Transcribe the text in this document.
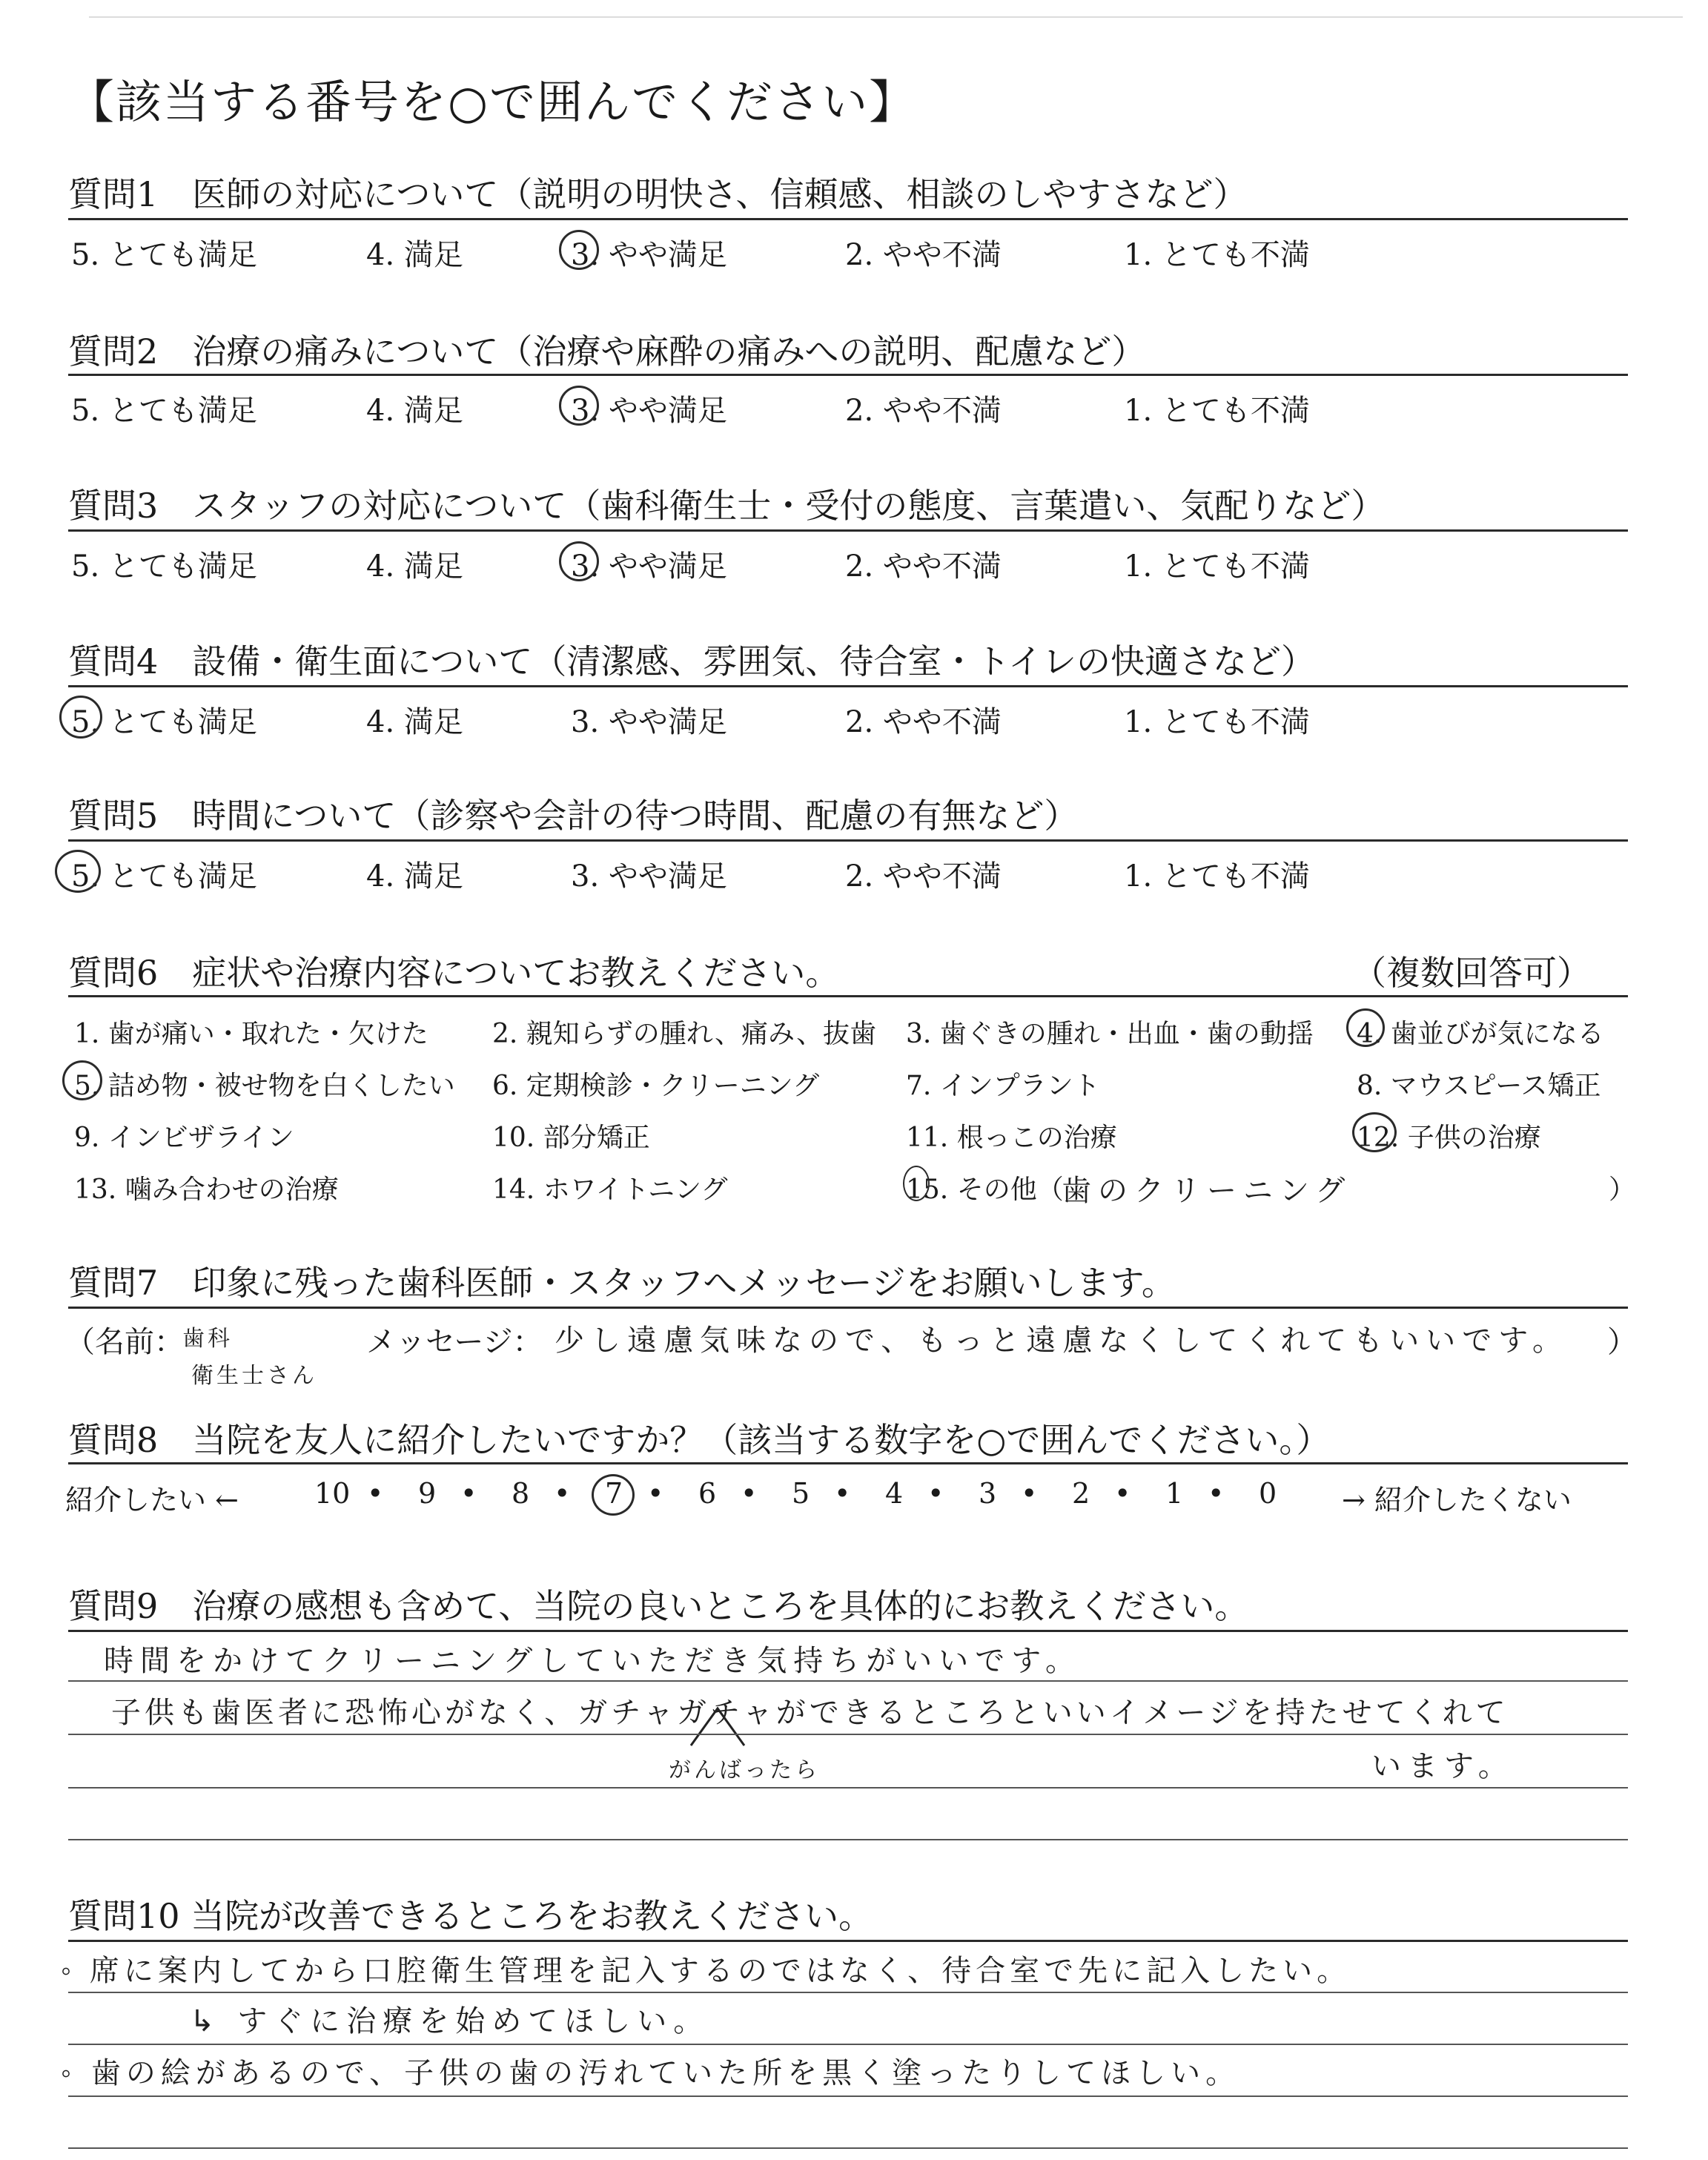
【該当する番号を○で囲んでください】
質問1　医師の対応について（説明の明快さ、信頼感、相談のしやすさなど）
5. とても満足	4. 満足	3. やや満足	2. やや不満	1. とても不満
質問2　治療の痛みについて（治療や麻酔の痛みへの説明、配慮など）
5. とても満足	4. 満足	3. やや満足	2. やや不満	1. とても不満
質問3　スタッフの対応について（歯科衛生士・受付の態度、言葉遣い、気配りなど）
5. とても満足	4. 満足	3. やや満足	2. やや不満	1. とても不満
質問4　設備・衛生面について（清潔感、雰囲気、待合室・トイレの快適さなど）
5. とても満足	4. 満足	3. やや満足	2. やや不満	1. とても不満
質問5　時間について（診察や会計の待つ時間、配慮の有無など）
5. とても満足	4. 満足	3. やや満足	2. やや不満	1. とても不満
質問6　症状や治療内容についてお教えください。	（複数回答可）
1. 歯が痛い・取れた・欠けた 2. 親知らずの腫れ、痛み、抜歯 3. 歯ぐきの腫れ・出血・歯の動揺 4. 歯並びが気になる
5. 詰め物・被せ物を白くしたい 6. 定期検診・クリーニング	7. インプラント	8. マウスピース矯正
9. インビザライン	10. 部分矯正	11. 根っこの治療	12. 子供の治療
13. 噛み合わせの治療	14. ホワイトニング	15. その他（
歯のクリーニング	）
質問7　印象に残った歯科医師・スタッフへメッセージをお願いします。
（名前：
歯科
衛生士さん
メッセージ： 少し遠慮気味なので、もっと遠慮なくしてくれてもいいです。 ）
質問8　当院を友人に紹介したいですか？（該当する数字を○で囲んでください。）
紹介したい ←	10 • 9 • 8 • 7 • 6 • 5 • 4 • 3 • 2 • 1 • 0 → 紹介したくない
質問9　治療の感想も含めて、当院の良いところを具体的にお教えください。
時間をかけてクリーニングしていただき気持ちがいいです。
子供も歯医者に恐怖心がなく、ガチャガチャができるところといいイメージを持たせてくれて
がんばったら	います。
質問10 当院が改善できるところをお教えください。
◦ 席に案内してから口腔衛生管理を記入するのではなく、待合室で先に記入したい。
↳ すぐに治療を始めてほしい。
◦ 歯の絵があるので、子供の歯の汚れていた所を黒く塗ったりしてほしい。
